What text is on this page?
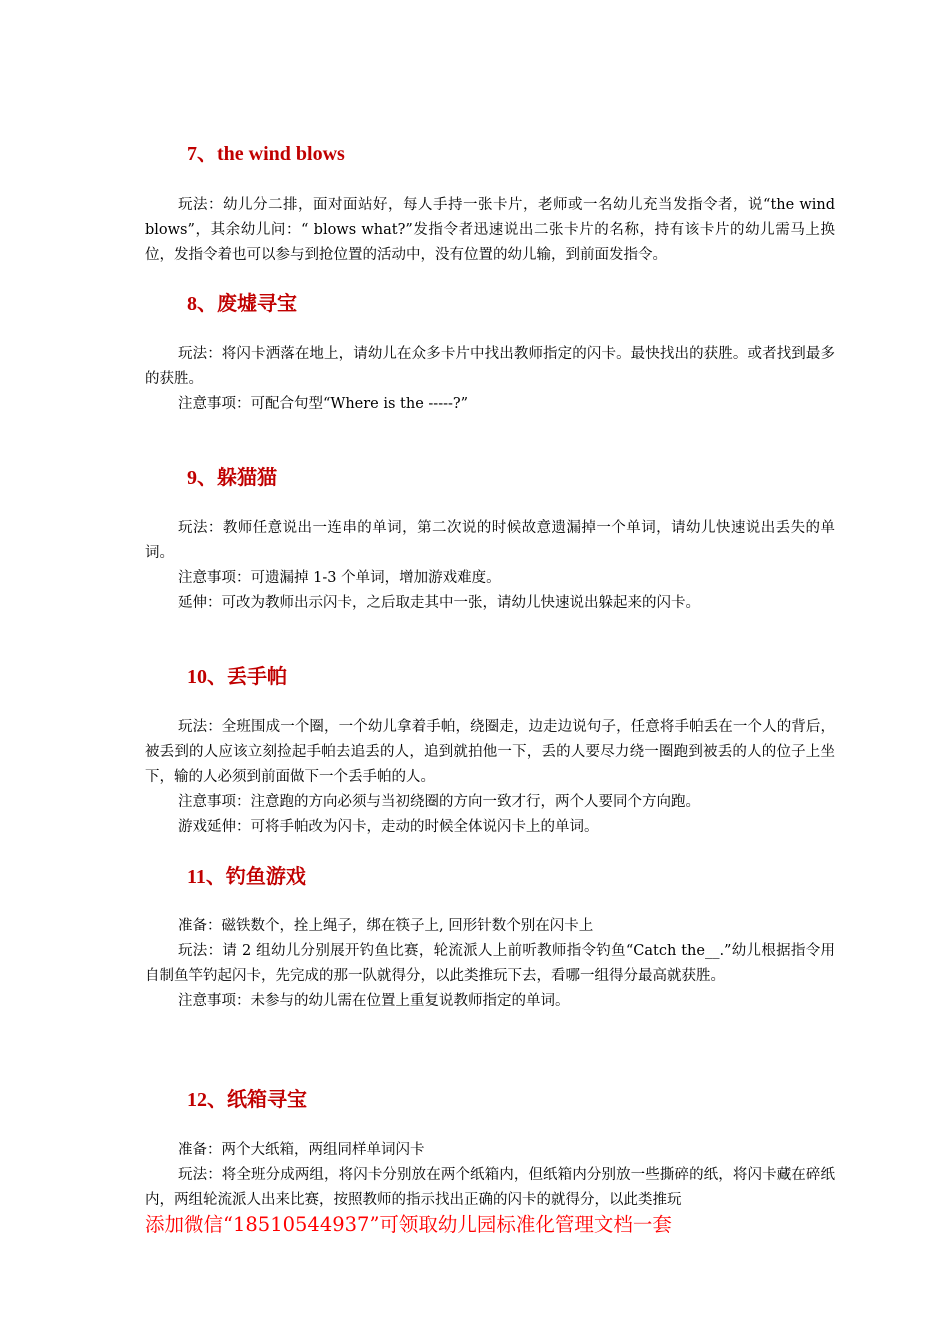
7、the wind blows

玩法：幼儿分二排，面对面站好，每人手持一张卡片，老师或一名幼儿充当发指令者，说“the wind blows”，其余幼儿问：“ blows what?”发指令者迅速说出二张卡片的名称，持有该卡片的幼儿需马上换位，发指令着也可以参与到抢位置的活动中，没有位置的幼儿输，到前面发指令。

8、废墟寻宝

玩法：将闪卡洒落在地上，请幼儿在众多卡片中找出教师指定的闪卡。最快找出的获胜。或者找到最多的获胜。

注意事项：可配合句型“Where is the -----?”

9、躲猫猫

玩法：教师任意说出一连串的单词，第二次说的时候故意遗漏掉一个单词，请幼儿快速说出丢失的单词。

注意事项：可遗漏掉 1-3 个单词，增加游戏难度。

延伸：可改为教师出示闪卡，之后取走其中一张，请幼儿快速说出躲起来的闪卡。

10、丢手帕

玩法：全班围成一个圈，一个幼儿拿着手帕，绕圈走，边走边说句子，任意将手帕丢在一个人的背后，被丢到的人应该立刻捡起手帕去追丢的人，追到就拍他一下，丢的人要尽力绕一圈跑到被丢的人的位子上坐下，输的人必须到前面做下一个丢手帕的人。

注意事项：注意跑的方向必须与当初绕圈的方向一致才行，两个人要同个方向跑。

游戏延伸：可将手帕改为闪卡，走动的时候全体说闪卡上的单词。

11、钓鱼游戏

准备：磁铁数个，拴上绳子，绑在筷子上, 回形针数个别在闪卡上

玩法：请 2 组幼儿分别展开钓鱼比赛，轮流派人上前听教师指令钓鱼“Catch the__.”幼儿根据指令用自制鱼竿钓起闪卡，先完成的那一队就得分，以此类推玩下去，看哪一组得分最高就获胜。

注意事项：未参与的幼儿需在位置上重复说教师指定的单词。

12、纸箱寻宝

准备：两个大纸箱，两组同样单词闪卡

玩法：将全班分成两组，将闪卡分别放在两个纸箱内，但纸箱内分别放一些撕碎的纸，将闪卡藏在碎纸内，两组轮流派人出来比赛，按照教师的指示找出正确的闪卡的就得分，以此类推玩

添加微信“18510544937”可领取幼儿园标准化管理文档一套
